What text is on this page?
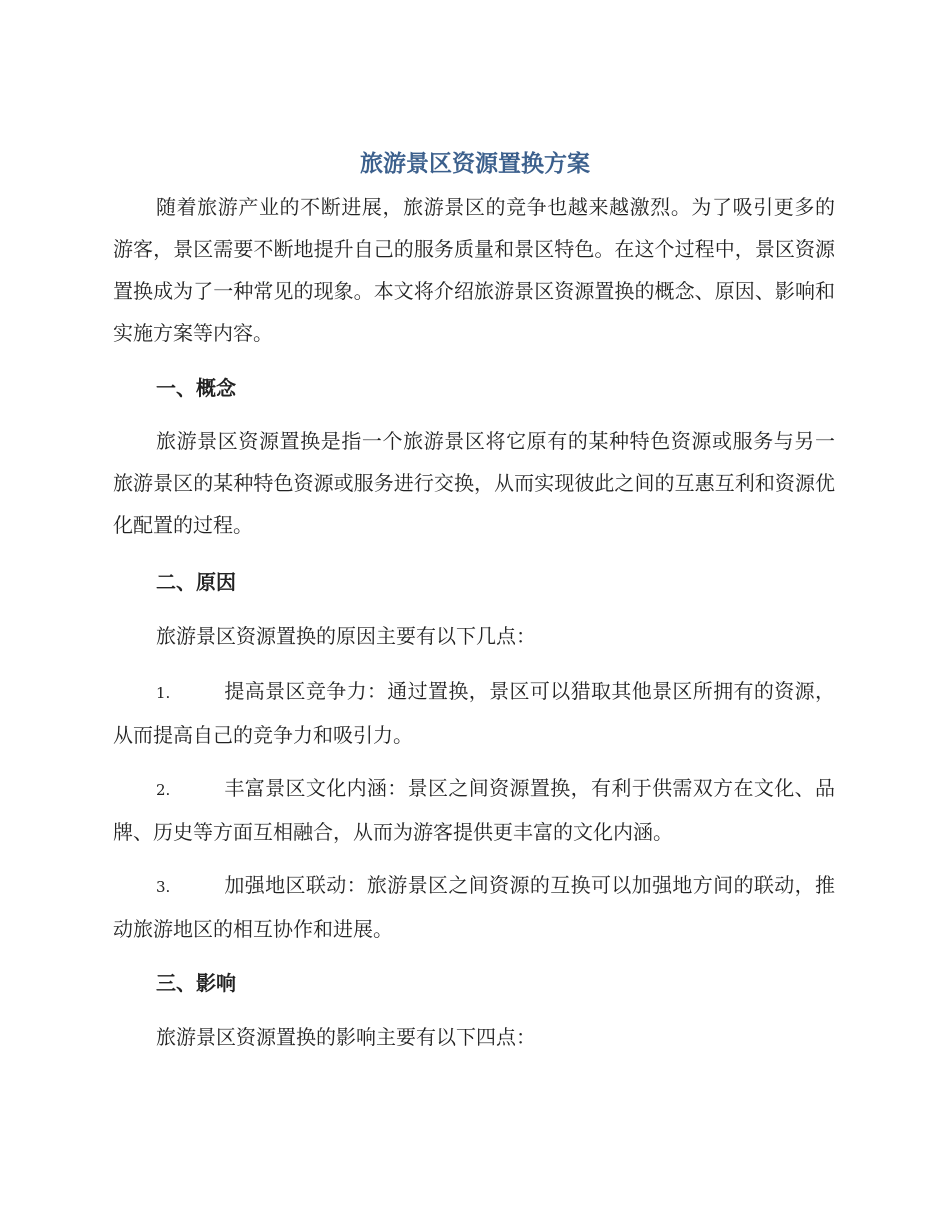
旅游景区资源置换方案

随着旅游产业的不断进展，旅游景区的竞争也越来越激烈。为了吸引更多的游客，景区需要不断地提升自己的服务质量和景区特色。在这个过程中，景区资源置换成为了一种常见的现象。本文将介绍旅游景区资源置换的概念、原因、影响和实施方案等内容。

一、概念

旅游景区资源置换是指一个旅游景区将它原有的某种特色资源或服务与另一旅游景区的某种特色资源或服务进行交换，从而实现彼此之间的互惠互利和资源优化配置的过程。

二、原因

旅游景区资源置换的原因主要有以下几点：

1.	提高景区竞争力：通过置换，景区可以猎取其他景区所拥有的资源，从而提高自己的竞争力和吸引力。

2.	丰富景区文化内涵：景区之间资源置换，有利于供需双方在文化、品牌、历史等方面互相融合，从而为游客提供更丰富的文化内涵。

3.	加强地区联动：旅游景区之间资源的互换可以加强地方间的联动，推动旅游地区的相互协作和进展。

三、影响

旅游景区资源置换的影响主要有以下四点：
